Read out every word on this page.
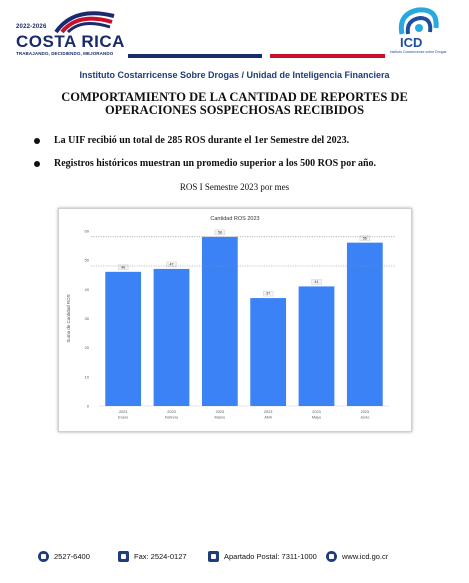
2022-2026
COSTA RICA
TRABAJANDO, DECIDIENDO, MEJORANDO
ICD
Instituto Costarricense sobre Drogas
Instituto Costarricense Sobre Drogas / Unidad de Inteligencia Financiera
COMPORTAMIENTO DE LA CANTIDAD DE REPORTES DE
OPERACIONES SOSPECHOSAS RECIBIDOS
La UIF recibió un total de 285 ROS durante el 1er Semestre del 2023.
Registros históricos muestran un promedio superior a los 500 ROS por año.
ROS I Semestre 2023 por mes
Cantidad ROS 2023
Suma de Cantidad ROS
0
10
20
30
40
50
60
46
2023
Enero
47
2023
Febrero
58
2023
Marzo
37
2023
Abril
41
2023
Mayo
56
2023
Junio
2527-6400	Fax: 2524-0127	Apartado Postal: 7311-1000	www.icd.go.cr
